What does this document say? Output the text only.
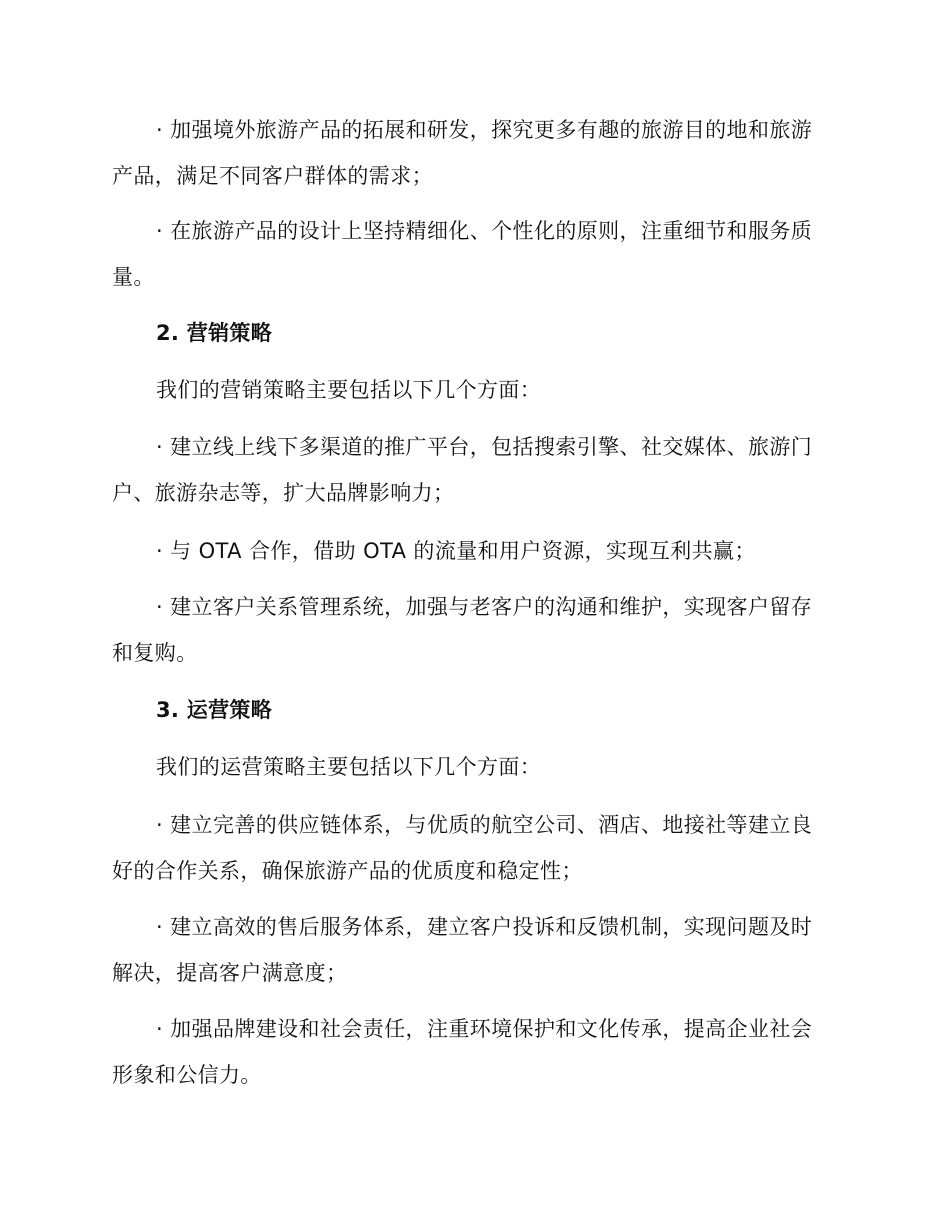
· 加强境外旅游产品的拓展和研发，探究更多有趣的旅游目的地和旅游产品，满足不同客户群体的需求；

· 在旅游产品的设计上坚持精细化、个性化的原则，注重细节和服务质量。

2. 营销策略

我们的营销策略主要包括以下几个方面：

· 建立线上线下多渠道的推广平台，包括搜索引擎、社交媒体、旅游门户、旅游杂志等，扩大品牌影响力；

· 与 OTA 合作，借助 OTA 的流量和用户资源，实现互利共赢；

· 建立客户关系管理系统，加强与老客户的沟通和维护，实现客户留存和复购。

3. 运营策略

我们的运营策略主要包括以下几个方面：

· 建立完善的供应链体系，与优质的航空公司、酒店、地接社等建立良好的合作关系，确保旅游产品的优质度和稳定性；

· 建立高效的售后服务体系，建立客户投诉和反馈机制，实现问题及时解决，提高客户满意度；

· 加强品牌建设和社会责任，注重环境保护和文化传承，提高企业社会形象和公信力。
